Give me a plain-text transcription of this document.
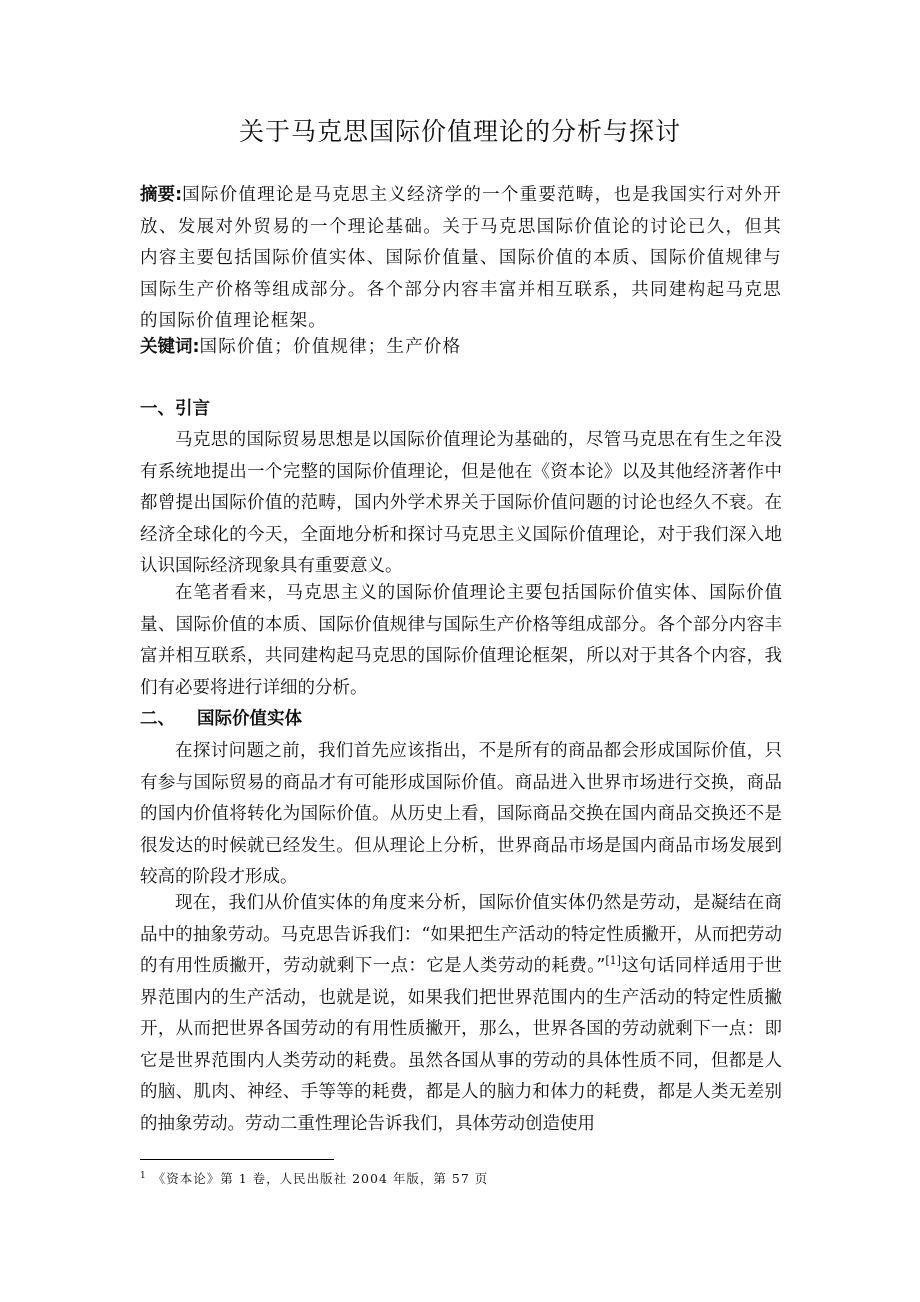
关于马克思国际价值理论的分析与探讨

摘要:国际价值理论是马克思主义经济学的一个重要范畴，也是我国实行对外开放、发展对外贸易的一个理论基础。关于马克思国际价值论的讨论已久，但其内容主要包括国际价值实体、国际价值量、国际价值的本质、国际价值规律与国际生产价格等组成部分。各个部分内容丰富并相互联系，共同建构起马克思的国际价值理论框架。

关键词:国际价值；价值规律；生产价格

一、引言

马克思的国际贸易思想是以国际价值理论为基础的，尽管马克思在有生之年没有系统地提出一个完整的国际价值理论，但是他在《资本论》以及其他经济著作中都曾提出国际价值的范畴，国内外学术界关于国际价值问题的讨论也经久不衰。在经济全球化的今天，全面地分析和探讨马克思主义国际价值理论，对于我们深入地认识国际经济现象具有重要意义。

在笔者看来，马克思主义的国际价值理论主要包括国际价值实体、国际价值量、国际价值的本质、国际价值规律与国际生产价格等组成部分。各个部分内容丰富并相互联系，共同建构起马克思的国际价值理论框架，所以对于其各个内容，我们有必要将进行详细的分析。

二、 国际价值实体

在探讨问题之前，我们首先应该指出，不是所有的商品都会形成国际价值，只有参与国际贸易的商品才有可能形成国际价值。商品进入世界市场进行交换，商品的国内价值将转化为国际价值。从历史上看，国际商品交换在国内商品交换还不是很发达的时候就已经发生。但从理论上分析，世界商品市场是国内商品市场发展到较高的阶段才形成。

现在，我们从价值实体的角度来分析，国际价值实体仍然是劳动，是凝结在商品中的抽象劳动。马克思告诉我们：“如果把生产活动的特定性质撇开，从而把劳动的有用性质撇开，劳动就剩下一点：它是人类劳动的耗费。”[1]这句话同样适用于世界范围内的生产活动，也就是说，如果我们把世界范围内的生产活动的特定性质撇开，从而把世界各国劳动的有用性质撇开，那么，世界各国的劳动就剩下一点：即它是世界范围内人类劳动的耗费。虽然各国从事的劳动的具体性质不同，但都是人的脑、肌肉、神经、手等等的耗费，都是人的脑力和体力的耗费，都是人类无差别的抽象劳动。劳动二重性理论告诉我们，具体劳动创造使用

$^1$ 《资本论》第 1 卷，人民出版社 2004 年版，第 57 页
